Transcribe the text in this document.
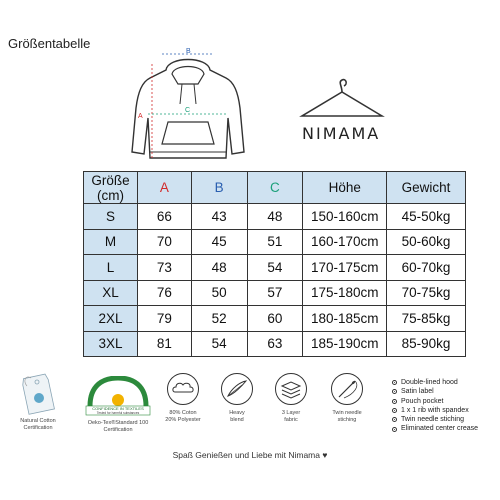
Größentabelle
A
B
C
NIMAMA
Größe (cm)	A	B	C	Höhe	Gewicht
S	66	43	48	150-160cm	45-50kg
M	70	45	51	160-170cm	50-60kg
L	73	48	54	170-175cm	60-70kg
XL	76	50	57	175-180cm	70-75kg
2XL	79	52	60	180-185cm	75-85kg
3XL	81	54	63	185-190cm	85-90kg
Natural Cotton Certification
CONFIDENCE IN TEXTILES
Tested for harmful substances
Oeko-Tex®Standard 100 Certification
80% Coton
20% Polyester
Heavy
blend
3 Layer
fabric
Twin needle
stiching
Double-lined hood
Satin label
Pouch pocket
1 x 1 rib with spandex
Twin needle stiching
Eliminated center crease
Spaß Genießen und Liebe mit Nimama ♥
